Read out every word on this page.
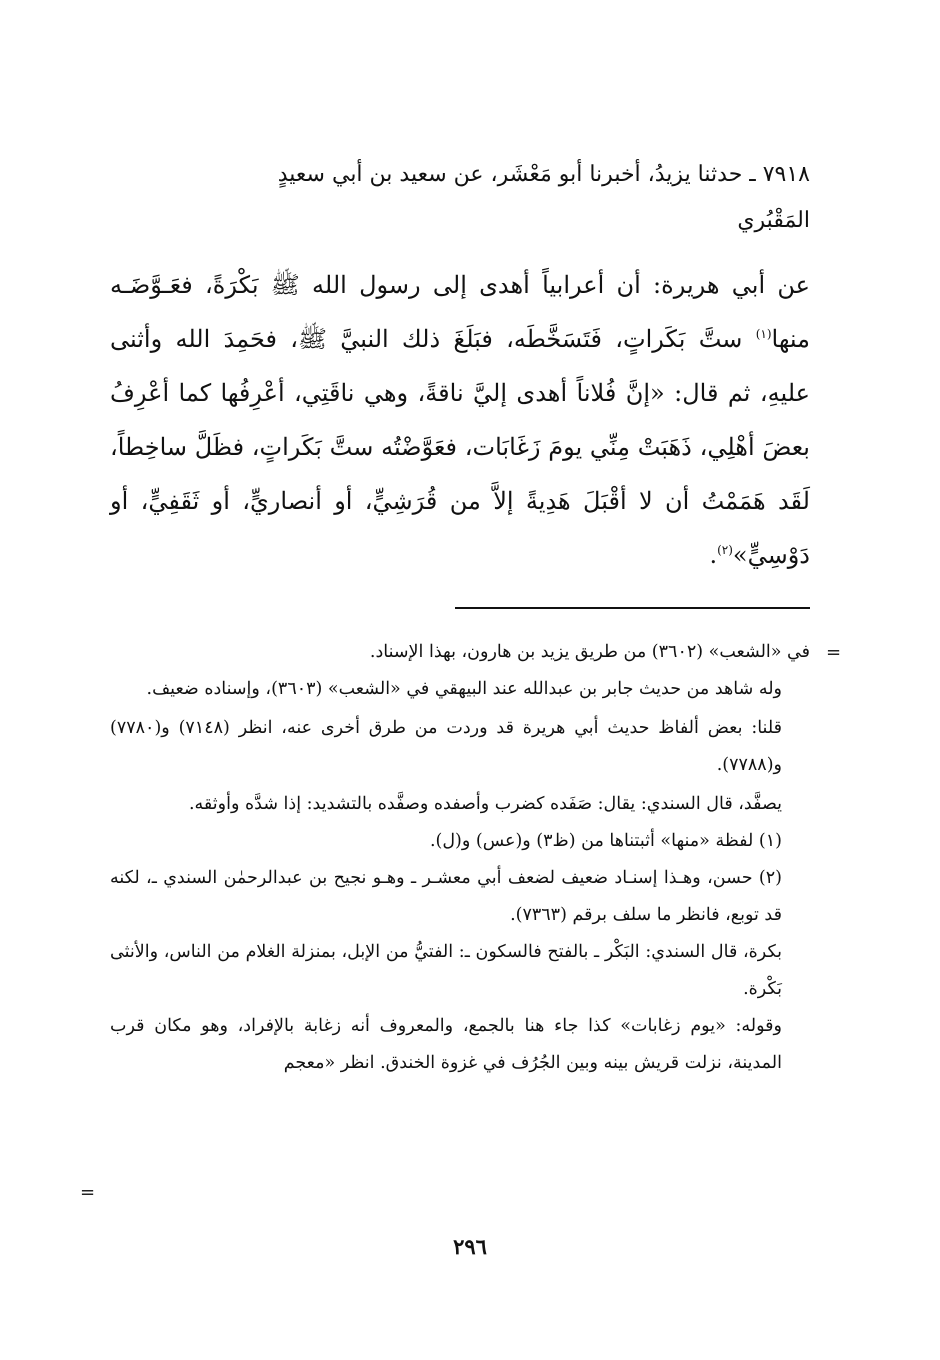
٧٩١٨ ـ حدثنا يزيدُ، أخبرنا أبو مَعْشَر، عن سعيد بن أبي سعيدٍ
المَقْبُري
عن أبي هريرة: أن أعرابياً أهدى إلى رسول الله ﷺ بَكْرَةً، فعَـوَّضَـه منها$^{(١)}$ ستَّ بَكَراتٍ، فَتَسَخَّطَه، فبَلَغَ ذلك النبيَّ ﷺ، فحَمِدَ الله وأثنى عليهِ، ثم قال: «إنَّ فُلاناً أهدى إليَّ ناقةً، وهي ناقَتِي، أعْرِفُها كما أعْرِفُ بعضَ أهْلِي، ذَهَبَتْ مِنِّي يومَ زَغَابَات، فعَوَّضْتُه ستَّ بَكَراتٍ، فظَلَّ ساخِطاً، لَقَد هَمَمْتُ أن لا أقْبَلَ هَدِيةً إلاَّ من قُرَشِيٍّ، أو أنصاريٍّ، أو ثَقَفِيٍّ، أو دَوْسِيٍّ»$^{(٢)}$.
=

في «الشعب» (٣٦٠٢) من طريق يزيد بن هارون، بهذا الإسناد.

وله شاهد من حديث جابر بن عبدالله عند البيهقي في «الشعب» (٣٦٠٣)، وإسناده ضعيف.

قلنا: بعض ألفاظ حديث أبي هريرة قد وردت من طرق أخرى عنه، انظر (٧١٤٨) و(٧٧٨٠) و(٧٧٨٨).

يصفَّد، قال السندي: يقال: صَفَده كضرب وأصفده وصفَّده بالتشديد: إذا شدَّه وأوثقه.

(١) لفظة «منها» أثبتناها من (ظ٣) و(عس) و(ل).

(٢) حسن، وهـذا إسنـاد ضعيف لضعف أبي معشـر ـ وهـو نجيح بن عبدالرحمٰن السندي ـ، لكنه قد توبع، فانظر ما سلف برقم (٧٣٦٣).

بكرة، قال السندي: البَكْر ـ بالفتح فالسكون ـ: الفتيُّ من الإبل، بمنزلة الغلام من الناس، والأنثى بَكْرة.

وقوله: «يوم زغابات» كذا جاء هنا بالجمع، والمعروف أنه زغابة بالإفراد، وهو مكان قرب المدينة، نزلت قريش بينه وبين الجُرُف في غزوة الخندق. انظر «معجم

=
٢٩٦
